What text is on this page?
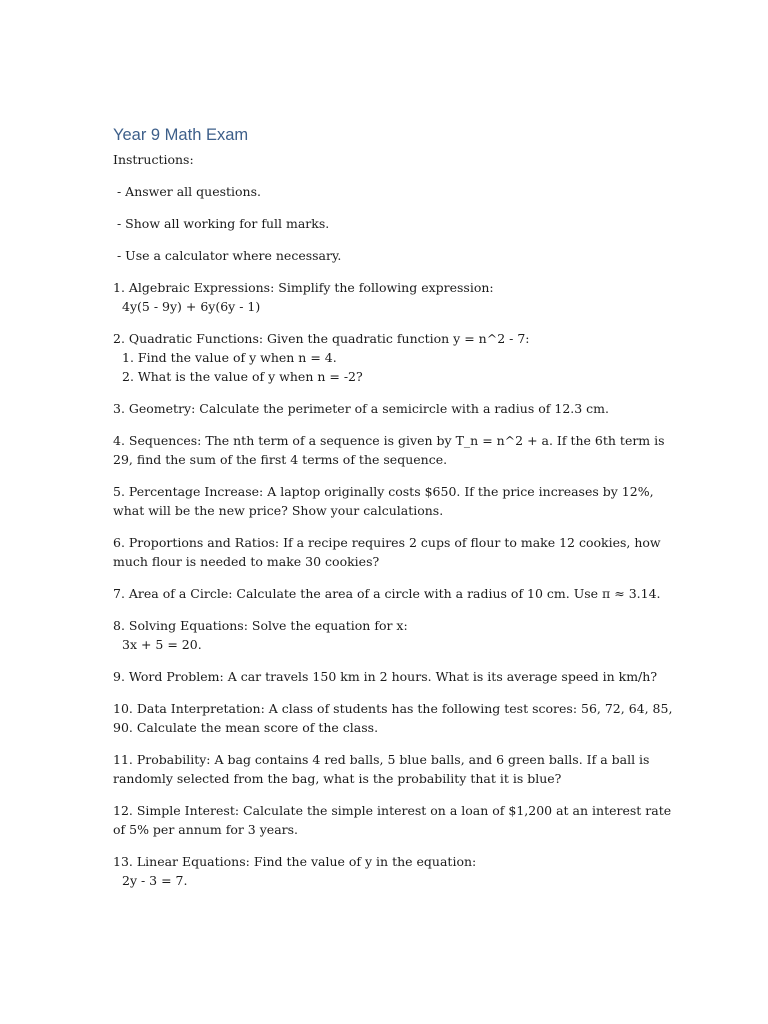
Year 9 Math Exam

Instructions:

- Answer all questions.

- Show all working for full marks.

- Use a calculator where necessary.

1. Algebraic Expressions: Simplify the following expression:

4y(5 - 9y) + 6y(6y - 1)

2. Quadratic Functions: Given the quadratic function y = n^2 - 7:

1. Find the value of y when n = 4.

2. What is the value of y when n = -2?

3. Geometry: Calculate the perimeter of a semicircle with a radius of 12.3 cm.

4. Sequences: The nth term of a sequence is given by T_n = n^2 + a. If the 6th term is 29, find the sum of the first 4 terms of the sequence.

5. Percentage Increase: A laptop originally costs $650. If the price increases by 12%, what will be the new price? Show your calculations.

6. Proportions and Ratios: If a recipe requires 2 cups of flour to make 12 cookies, how much flour is needed to make 30 cookies?

7. Area of a Circle: Calculate the area of a circle with a radius of 10 cm. Use π ≈ 3.14.

8. Solving Equations: Solve the equation for x:

3x + 5 = 20.

9. Word Problem: A car travels 150 km in 2 hours. What is its average speed in km/h?

10. Data Interpretation: A class of students has the following test scores: 56, 72, 64, 85, 90. Calculate the mean score of the class.

11. Probability: A bag contains 4 red balls, 5 blue balls, and 6 green balls. If a ball is randomly selected from the bag, what is the probability that it is blue?

12. Simple Interest: Calculate the simple interest on a loan of $1,200 at an interest rate of 5% per annum for 3 years.

13. Linear Equations: Find the value of y in the equation:

2y - 3 = 7.
